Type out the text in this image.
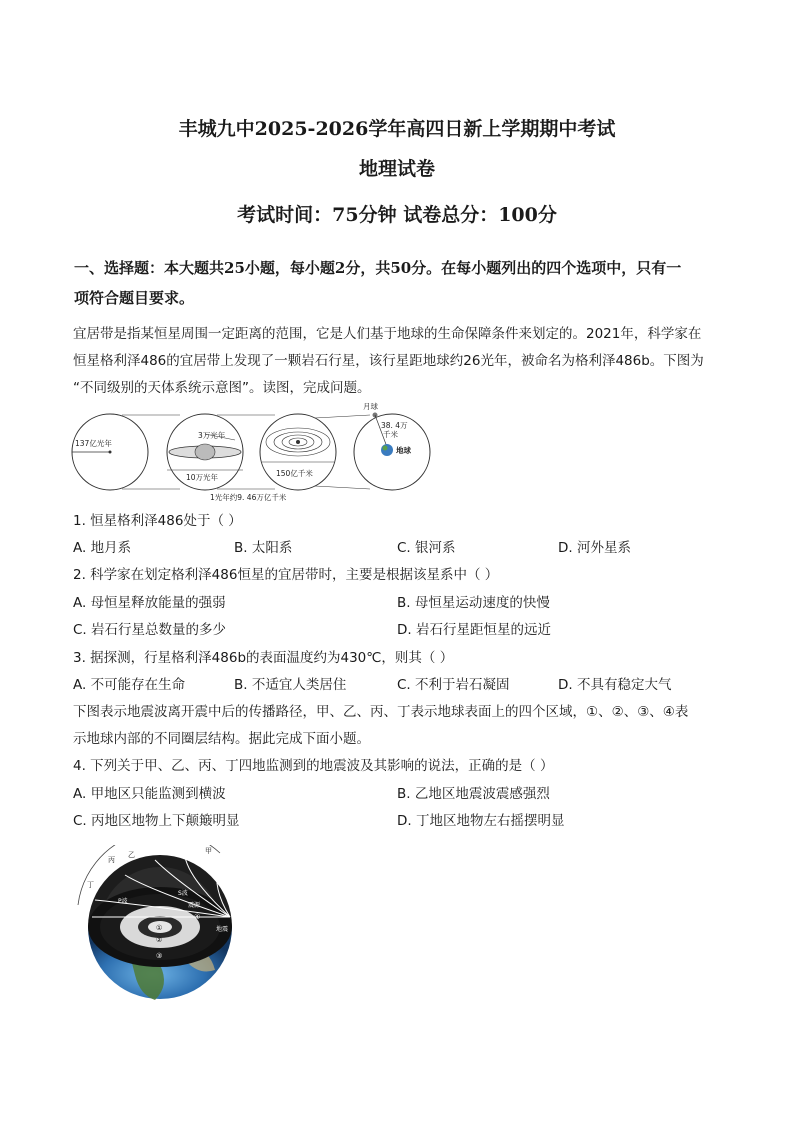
丰城九中2025-2026学年高四日新上学期期中考试
地理试卷
考试时间：75分钟 试卷总分：100分
一、选择题：本大题共25小题，每小题2分，共50分。在每小题列出的四个选项中，只有一
项符合题目要求。
宜居带是指某恒星周围一定距离的范围，它是人们基于地球的生命保障条件来划定的。2021年，科学家在
恒星格利泽486的宜居带上发现了一颗岩石行星，该行星距地球约26光年，被命名为格利泽486b。下图为
“不同级别的天体系统示意图”。读图，完成问题。
137亿光年
3万光年
10万光年	150亿千米
月球
38. 4万
千米
地球
1光年约9. 46万亿千米
1. 恒星格利泽486处于（ ）
A. 地月系	B. 太阳系	C. 银河系	D. 河外星系
2. 科学家在划定格利泽486恒星的宜居带时，主要是根据该星系中（ ）
A. 母恒星释放能量的强弱	B. 母恒星运动速度的快慢
C. 岩石行星总数量的多少	D. 岩石行星距恒星的远近
3. 据探测，行星格利泽486b的表面温度约为430℃，则其（ ）
A. 不可能存在生命	B. 不适宜人类居住	C. 不利于岩石凝固	D. 不具有稳定大气
下图表示地震波离开震中后的传播路径，甲、乙、丙、丁表示地球表面上的四个区域，①、②、③、④表
示地球内部的不同圈层结构。据此完成下面小题。
4. 下列关于甲、乙、丙、丁四地监测到的地震波及其影响的说法，正确的是（ ）
A. 甲地区只能监测到横波	B. 乙地区地震波震感强烈
C. 丙地区地物上下颠簸明显	D. 丁地区地物左右摇摆明显
甲
乙
丙
丁
P波
S波
震源
地震
④
①
②
③
